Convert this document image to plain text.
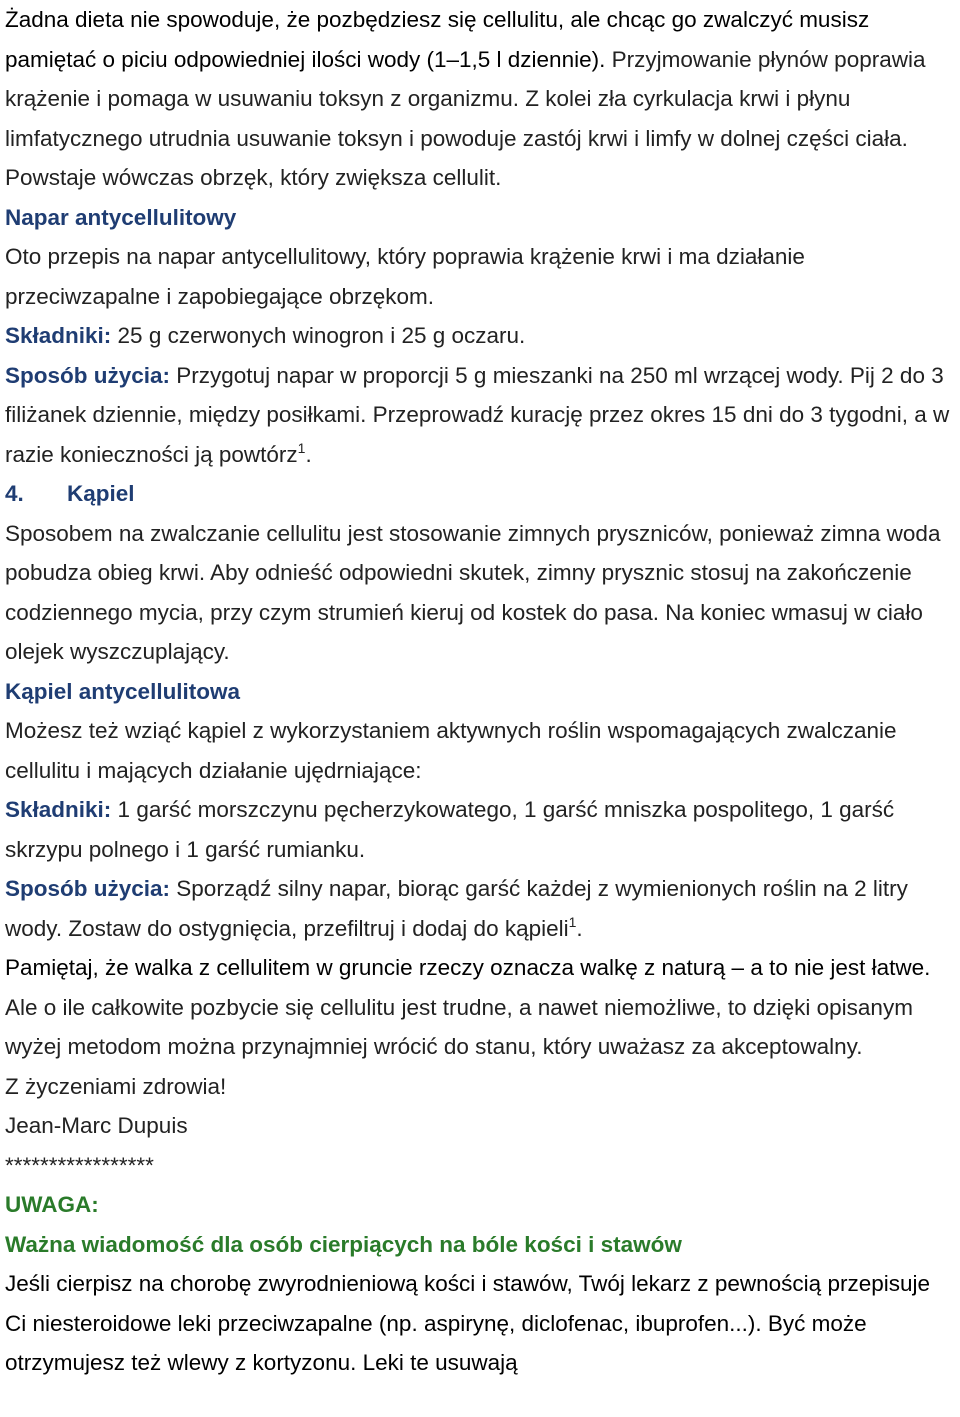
Żadna dieta nie spowoduje, że pozbędziesz się cellulitu, ale chcąc go zwalczyć musisz pamiętać o piciu odpowiedniej ilości wody (1–1,5 l dziennie). Przyjmowanie płynów poprawia krążenie i pomaga w usuwaniu toksyn z organizmu. Z kolei zła cyrkulacja krwi i płynu limfatycznego utrudnia usuwanie toksyn i powoduje zastój krwi i limfy w dolnej części ciała. Powstaje wówczas obrzęk, który zwiększa cellulit.

Napar antycellulitowy

Oto przepis na napar antycellulitowy, który poprawia krążenie krwi i ma działanie przeciwzapalne i zapobiegające obrzękom.

Składniki: 25 g czerwonych winogron i 25 g oczaru.

Sposób użycia: Przygotuj napar w proporcji 5 g mieszanki na 250 ml wrzącej wody. Pij 2 do 3 filiżanek dziennie, między posiłkami. Przeprowadź kurację przez okres 15 dni do 3 tygodni, a w razie konieczności ją powtórz$^1$.

4. Kąpiel

Sposobem na zwalczanie cellulitu jest stosowanie zimnych pryszniców, ponieważ zimna woda pobudza obieg krwi. Aby odnieść odpowiedni skutek, zimny prysznic stosuj na zakończenie codziennego mycia, przy czym strumień kieruj od kostek do pasa. Na koniec wmasuj w ciało olejek wyszczuplający.

Kąpiel antycellulitowa

Możesz też wziąć kąpiel z wykorzystaniem aktywnych roślin wspomagających zwalczanie cellulitu i mających działanie ujędrniające:

Składniki: 1 garść morszczynu pęcherzykowatego, 1 garść mniszka pospolitego, 1 garść skrzypu polnego i 1 garść rumianku.

Sposób użycia: Sporządź silny napar, biorąc garść każdej z wymienionych roślin na 2 litry wody. Zostaw do ostygnięcia, przefiltruj i dodaj do kąpieli$^1$.

Pamiętaj, że walka z cellulitem w gruncie rzeczy oznacza walkę z naturą – a to nie jest łatwe. Ale o ile całkowite pozbycie się cellulitu jest trudne, a nawet niemożliwe, to dzięki opisanym wyżej metodom można przynajmniej wrócić do stanu, który uważasz za akceptowalny.

Z życzeniami zdrowia!

Jean-Marc Dupuis

*****************

UWAGA:

Ważna wiadomość dla osób cierpiących na bóle kości i stawów

Jeśli cierpisz na chorobę zwyrodnieniową kości i stawów, Twój lekarz z pewnością przepisuje Ci niesteroidowe leki przeciwzapalne (np. aspirynę, diclofenac, ibuprofen...). Być może otrzymujesz też wlewy z kortyzonu. Leki te usuwają
